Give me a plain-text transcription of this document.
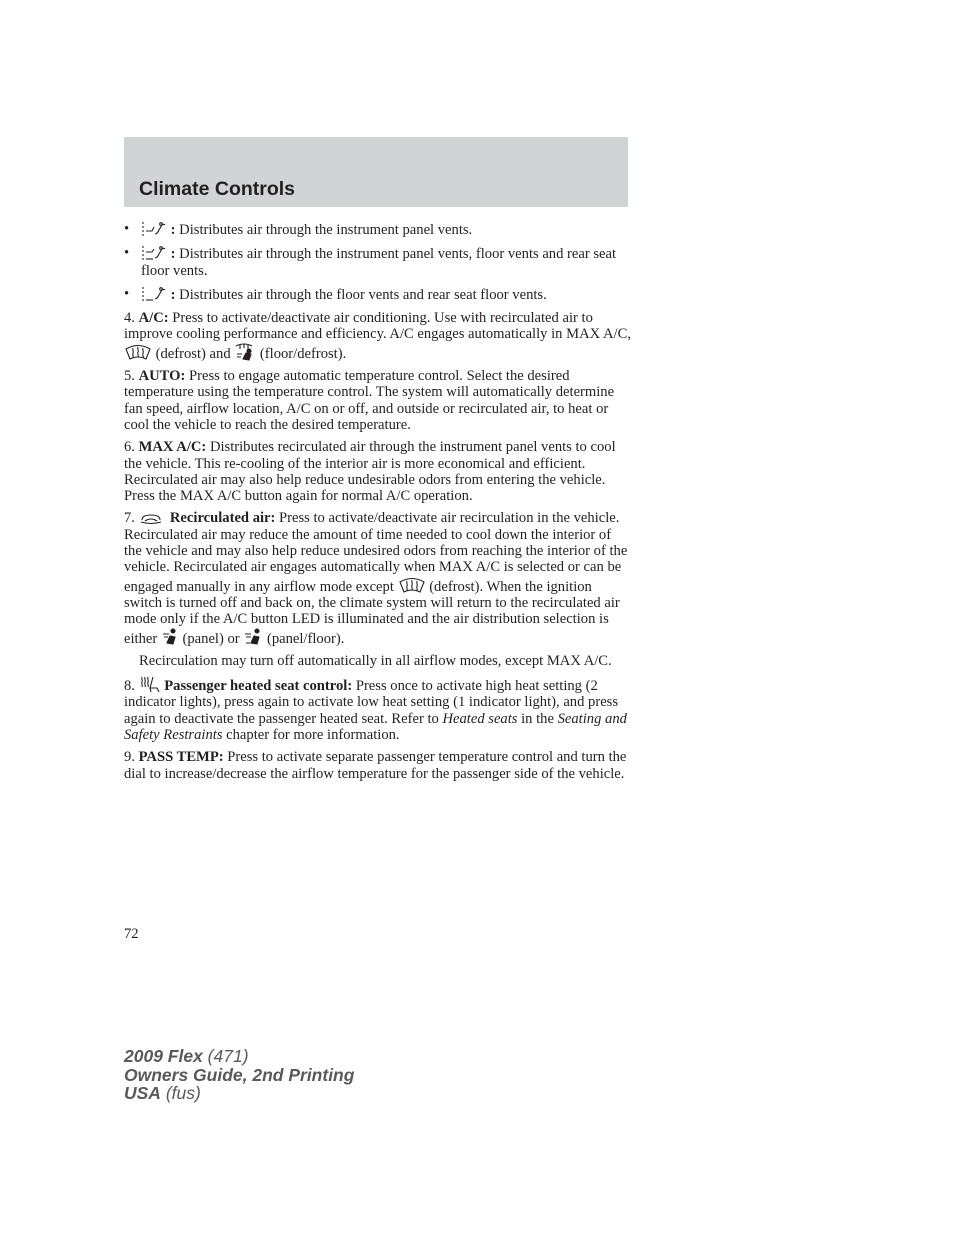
Climate Controls
•	: Distributes air through the instrument panel vents.
•	: Distributes air through the instrument panel vents, floor vents and rear seat floor vents.
•	: Distributes air through the floor vents and rear seat floor vents.

4. A/C: Press to activate/deactivate air conditioning. Use with recirculated air to improve cooling performance and efficiency. A/C engages automatically in MAX A/C,
(defrost) and
(floor/defrost).

5. AUTO: Press to engage automatic temperature control. Select the desired temperature using the temperature control. The system will automatically determine fan speed, airflow location, A/C on or off, and outside or recirculated air, to heat or cool the vehicle to reach the desired temperature.

6. MAX A/C: Distributes recirculated air through the instrument panel vents to cool the vehicle. This re-cooling of the interior air is more economical and efficient. Recirculated air may also help reduce undesirable odors from entering the vehicle. Press the MAX A/C button again for normal A/C operation.

7.
Recirculated air: Press to activate/deactivate air recirculation in the vehicle. Recirculated air may reduce the amount of time needed to cool down the interior of the vehicle and may also help reduce undesired odors from reaching the interior of the vehicle. Recirculated air engages automatically when MAX A/C is selected or can be engaged manually in any airflow mode except
(defrost). When the ignition switch is turned off and back on, the climate system will return to the recirculated air mode only if the A/C button LED is illuminated and the air distribution selection is either
(panel) or
(panel/floor).

Recirculation may turn off automatically in all airflow modes, except MAX A/C.

8.
Passenger heated seat control: Press once to activate high heat setting (2 indicator lights), press again to activate low heat setting (1 indicator light), and press again to deactivate the passenger heated seat. Refer to Heated seats in the Seating and Safety Restraints chapter for more information.

9. PASS TEMP: Press to activate separate passenger temperature control and turn the dial to increase/decrease the airflow temperature for the passenger side of the vehicle.

72
2009 Flex (471)
Owners Guide, 2nd Printing
USA (fus)
